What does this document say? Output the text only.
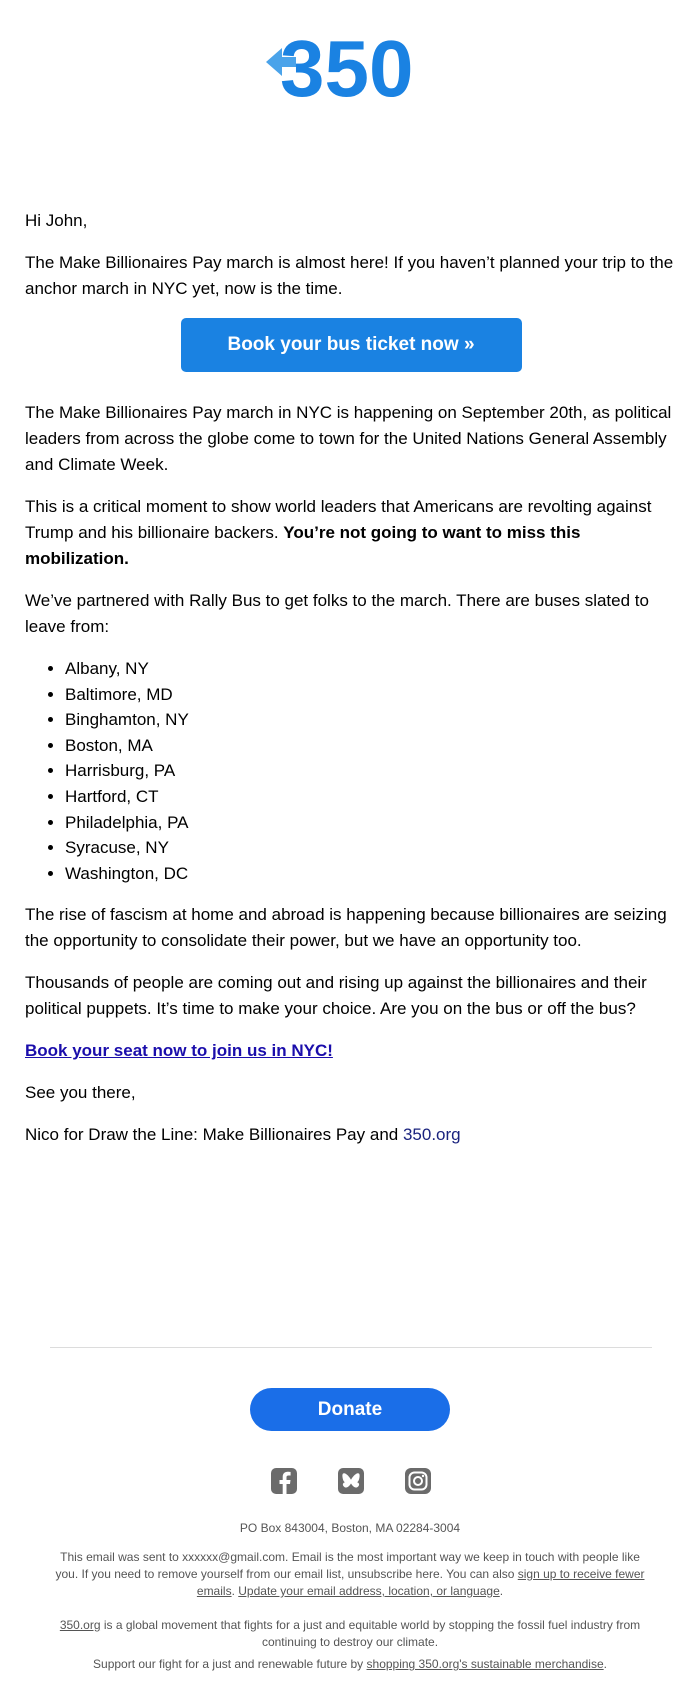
350

Hi John,

The Make Billionaires Pay march is almost here! If you haven’t planned your trip to the anchor march in NYC yet, now is the time.

Book your bus ticket now »

The Make Billionaires Pay march in NYC is happening on September 20th, as political leaders from across the globe come to town for the United Nations General Assembly and Climate Week.

This is a critical moment to show world leaders that Americans are revolting against Trump and his billionaire backers. You’re not going to want to miss this mobilization.

We’ve partnered with Rally Bus to get folks to the march. There are buses slated to leave from:

• Albany, NY
• Baltimore, MD
• Binghamton, NY
• Boston, MA
• Harrisburg, PA
• Hartford, CT
• Philadelphia, PA
• Syracuse, NY
• Washington, DC

The rise of fascism at home and abroad is happening because billionaires are seizing the opportunity to consolidate their power, but we have an opportunity too.

Thousands of people are coming out and rising up against the billionaires and their political puppets. It’s time to make your choice. Are you on the bus or off the bus?

Book your seat now to join us in NYC!

See you there,

Nico for Draw the Line: Make Billionaires Pay and 350.org

Donate
PO Box 843004, Boston, MA 02284-3004
This email was sent to xxxxxx@gmail.com. Email is the most important way we keep in touch with people like you. If you need to remove yourself from our email list, unsubscribe here. You can also sign up to receive fewer emails. Update your email address, location, or language.
350.org is a global movement that fights for a just and equitable world by stopping the fossil fuel industry from continuing to destroy our climate.
Support our fight for a just and renewable future by shopping 350.org's sustainable merchandise.
